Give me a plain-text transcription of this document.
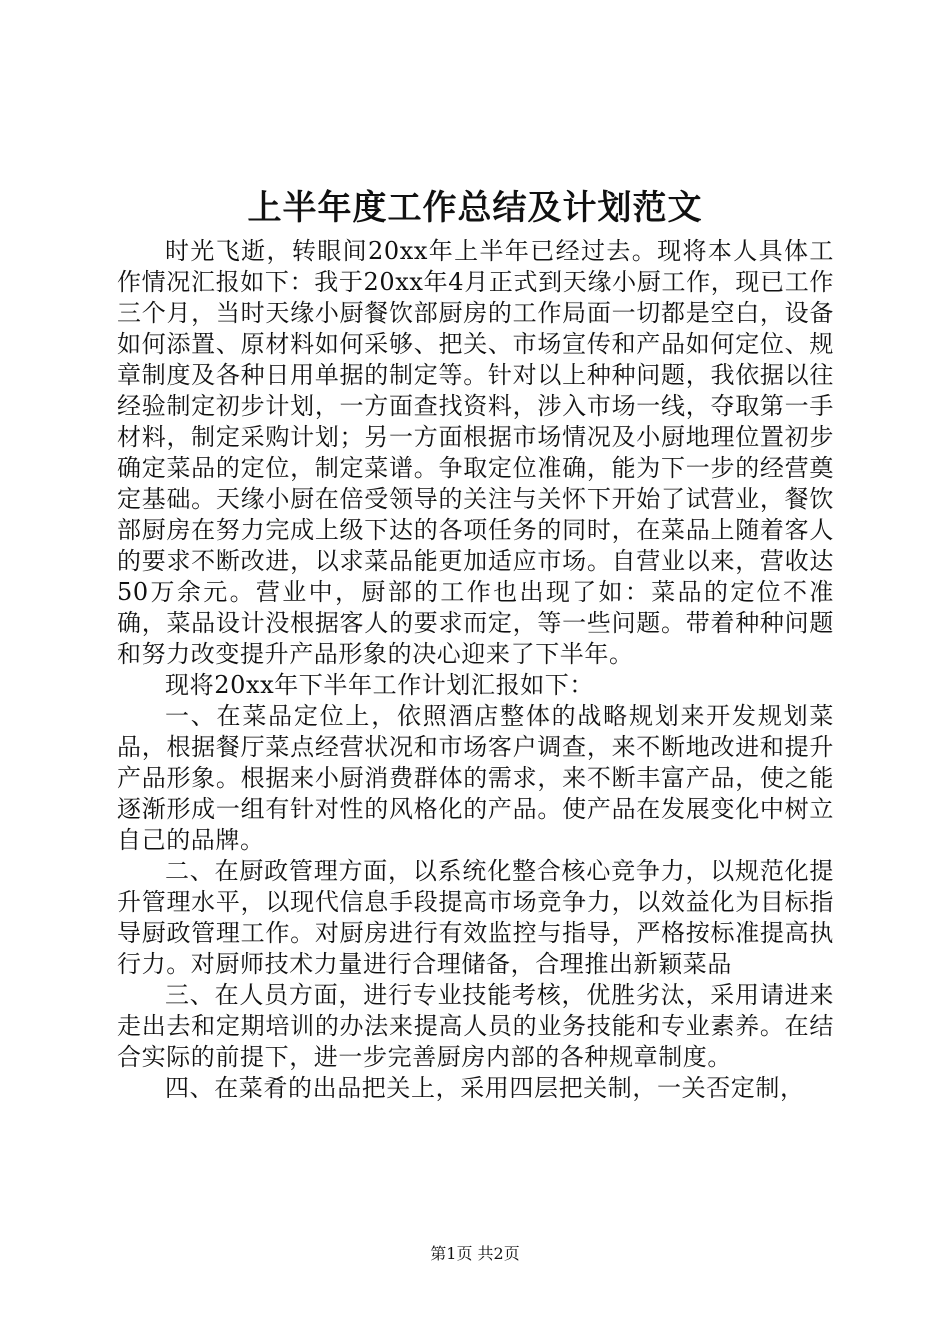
上半年度工作总结及计划范文

时光飞逝，转眼间20xx年上半年已经过去。现将本人具体工作情况汇报如下：我于20xx年4月正式到天缘小厨工作，现已工作三个月，当时天缘小厨餐饮部厨房的工作局面一切都是空白，设备如何添置、原材料如何采够、把关、市场宣传和产品如何定位、规章制度及各种日用单据的制定等。针对以上种种问题，我依据以往经验制定初步计划，一方面查找资料，涉入市场一线，夺取第一手材料，制定采购计划；另一方面根据市场情况及小厨地理位置初步确定菜品的定位，制定菜谱。争取定位准确，能为下一步的经营奠定基础。天缘小厨在倍受领导的关注与关怀下开始了试营业，餐饮部厨房在努力完成上级下达的各项任务的同时，在菜品上随着客人的要求不断改进，以求菜品能更加适应市场。自营业以来，营收达50万余元。营业中，厨部的工作也出现了如：菜品的定位不准确，菜品设计没根据客人的要求而定，等一些问题。带着种种问题和努力改变提升产品形象的决心迎来了下半年。

现将20xx年下半年工作计划汇报如下：

一、在菜品定位上，依照酒店整体的战略规划来开发规划菜品，根据餐厅菜点经营状况和市场客户调查，来不断地改进和提升产品形象。根据来小厨消费群体的需求，来不断丰富产品，使之能逐渐形成一组有针对性的风格化的产品。使产品在发展变化中树立自己的品牌。

二、在厨政管理方面，以系统化整合核心竞争力，以规范化提升管理水平，以现代信息手段提高市场竞争力，以效益化为目标指导厨政管理工作。对厨房进行有效监控与指导，严格按标准提高执行力。对厨师技术力量进行合理储备，合理推出新颖菜品

三、在人员方面，进行专业技能考核，优胜劣汰，采用请进来走出去和定期培训的办法来提高人员的业务技能和专业素养。在结合实际的前提下，进一步完善厨房内部的各种规章制度。

四、在菜肴的出品把关上，采用四层把关制，一关否定制，

第1页 共2页
